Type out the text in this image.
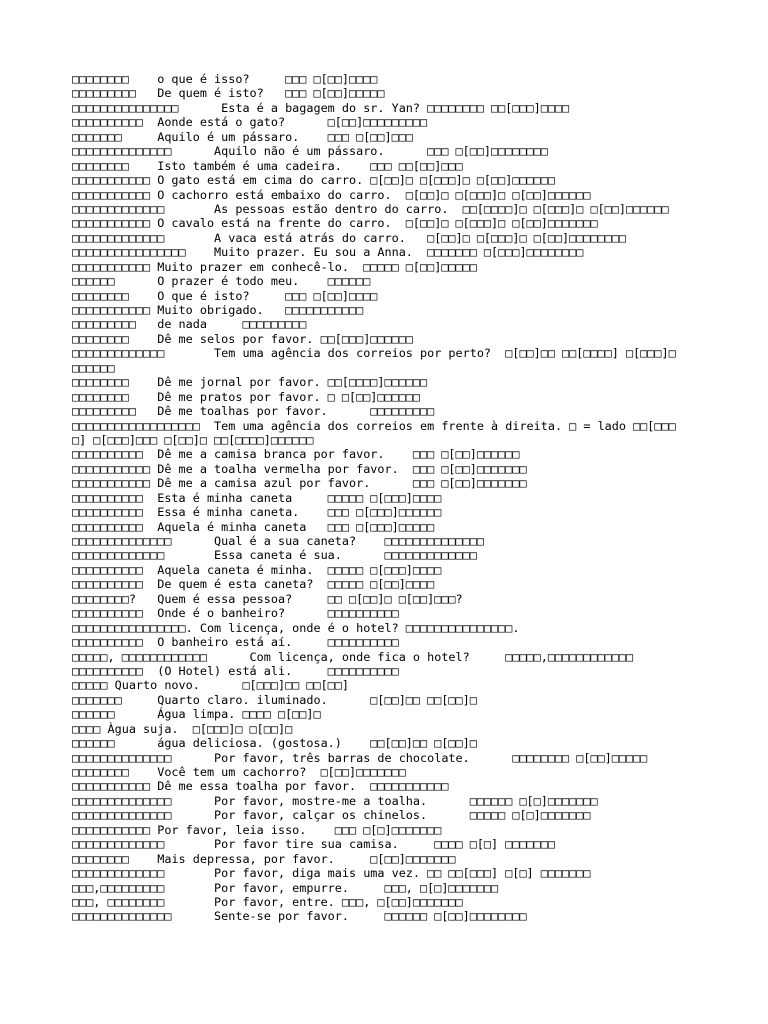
□□□□□□□□    o que é isso?     □□□ □[□□]□□□□
□□□□□□□□□   De quem é isto?   □□□ □[□□]□□□□□
□□□□□□□□□□□□□□□      Esta é a bagagem do sr. Yan? □□□□□□□□ □□[□□□]□□□□
□□□□□□□□□□  Aonde está o gato?      □[□□]□□□□□□□□□
□□□□□□□     Aquilo é um pássaro.    □□□ □[□□]□□□
□□□□□□□□□□□□□□      Aquilo não é um pássaro.      □□□ □[□□]□□□□□□□□
□□□□□□□□    Isto também é uma cadeira.    □□□ □□[□□]□□□
□□□□□□□□□□□ O gato está em cima do carro. □[□□]□ □[□□□]□ □[□□]□□□□□□
□□□□□□□□□□□ O cachorro está embaixo do carro.  □[□□]□ □[□□□]□ □[□□]□□□□□□
□□□□□□□□□□□□□       As pessoas estão dentro do carro.  □□[□□□□]□ □[□□□]□ □[□□]□□□□□□
□□□□□□□□□□□ O cavalo está na frente do carro.  □[□□]□ □[□□□]□ □[□□]□□□□□□□
□□□□□□□□□□□□□       A vaca está atrás do carro.   □[□□]□ □[□□□]□ □[□□]□□□□□□□□
□□□□□□□□□□□□□□□□    Muito prazer. Eu sou a Anna.  □□□□□□□ □[□□□]□□□□□□□□
□□□□□□□□□□□ Muito prazer em conhecê-lo.  □□□□□ □[□□]□□□□□
□□□□□□      O prazer é todo meu.    □□□□□□
□□□□□□□□    O que é isto?     □□□ □[□□]□□□□
□□□□□□□□□□□ Muito obrigado.   □□□□□□□□□□□
□□□□□□□□□   de nada     □□□□□□□□□
□□□□□□□□    Dê me selos por favor. □□[□□□]□□□□□□
□□□□□□□□□□□□□       Tem uma agência dos correios por perto?  □[□□]□□ □□[□□□□] □[□□□]□
□□□□□□
□□□□□□□□    Dê me jornal por favor. □□[□□□□]□□□□□□
□□□□□□□□    Dê me pratos por favor. □ □[□□]□□□□□□
□□□□□□□□□   Dê me toalhas por favor.      □□□□□□□□□
□□□□□□□□□□□□□□□□□□  Tem uma agência dos correios em frente à direita. □ = lado □□[□□□
□] □[□□□]□□□ □[□□]□ □□[□□□□]□□□□□□
□□□□□□□□□□  Dê me a camisa branca por favor.    □□□ □[□□]□□□□□□
□□□□□□□□□□□ Dê me a toalha vermelha por favor.  □□□ □[□□]□□□□□□□
□□□□□□□□□□□ Dê me a camisa azul por favor.      □□□ □[□□]□□□□□□□
□□□□□□□□□□  Esta é minha caneta     □□□□□ □[□□□]□□□□
□□□□□□□□□□  Essa é minha caneta.    □□□ □[□□□]□□□□□□
□□□□□□□□□□  Aquela é minha caneta   □□□ □[□□□]□□□□□
□□□□□□□□□□□□□□      Qual é a sua caneta?    □□□□□□□□□□□□□□
□□□□□□□□□□□□□       Essa caneta é sua.      □□□□□□□□□□□□□
□□□□□□□□□□  Aquela caneta é minha.  □□□□□ □[□□□]□□□□
□□□□□□□□□□  De quem é esta caneta?  □□□□□ □[□□]□□□□
□□□□□□□□?   Quem é essa pessoa?     □□ □[□□]□ □[□□]□□□?
□□□□□□□□□□  Onde é o banheiro?      □□□□□□□□□□
□□□□□□□□□□□□□□□□. Com licença, onde é o hotel? □□□□□□□□□□□□□□□.
□□□□□□□□□□  O banheiro está aí.     □□□□□□□□□□
□□□□□, □□□□□□□□□□□□      Com licença, onde fica o hotel?     □□□□□,□□□□□□□□□□□□
□□□□□□□□□□  (O Hotel) está ali.     □□□□□□□□□□
□□□□□ Quarto novo.      □[□□□]□□ □□[□□]
□□□□□□□     Quarto claro. iluminado.      □[□□]□□ □□[□□]□
□□□□□□      Água limpa. □□□□ □[□□]□
□□□□ Àgua suja.  □[□□□]□ □[□□]□
□□□□□□      água deliciosa. (gostosa.)    □□[□□]□□ □[□□]□
□□□□□□□□□□□□□□      Por favor, três barras de chocolate.      □□□□□□□□ □[□□]□□□□□
□□□□□□□□    Você tem um cachorro?  □[□□]□□□□□□□
□□□□□□□□□□□ Dê me essa toalha por favor.  □□□□□□□□□□□
□□□□□□□□□□□□□□      Por favor, mostre-me a toalha.      □□□□□□ □[□]□□□□□□□
□□□□□□□□□□□□□□      Por favor, calçar os chinelos.      □□□□□ □[□]□□□□□□□
□□□□□□□□□□□ Por favor, leia isso.    □□□ □[□]□□□□□□□
□□□□□□□□□□□□□       Por favor tire sua camisa.     □□□□ □[□] □□□□□□□
□□□□□□□□    Mais depressa, por favor.     □[□□]□□□□□□□
□□□□□□□□□□□□□       Por favor, diga mais uma vez. □□ □□[□□□] □[□] □□□□□□□
□□□,□□□□□□□□□       Por favor, empurre.     □□□, □[□]□□□□□□□
□□□, □□□□□□□□       Por favor, entre. □□□, □[□□]□□□□□□□
□□□□□□□□□□□□□□      Sente-se por favor.     □□□□□□ □[□□]□□□□□□□□
